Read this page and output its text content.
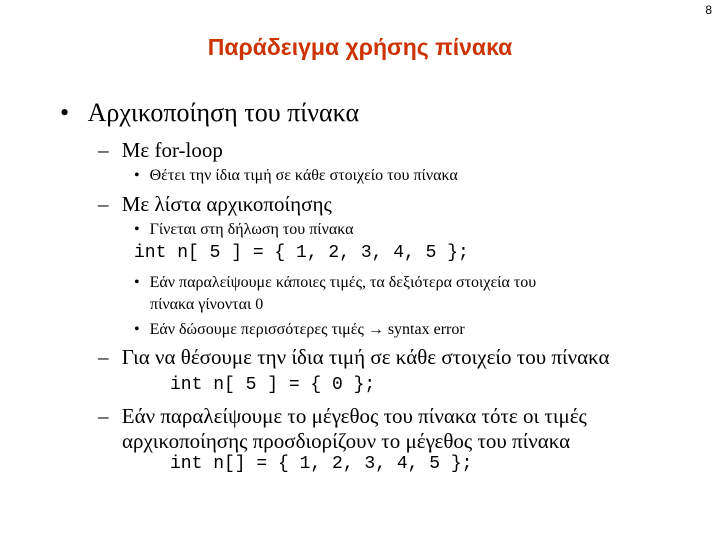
8
Παράδειγμα χρήσης πίνακα
• Αρχικοποίηση του πίνακα
– Με for-loop
• Θέτει την ίδια τιμή σε κάθε στοιχείο του πίνακα
– Με λίστα αρχικοποίησης
• Γίνεται στη δήλωση του πίνακα
int n[ 5 ] = { 1, 2, 3, 4, 5 };
• Εάν παραλείψουμε κάποιες τιμές, τα δεξιότερα στοιχεία του
πίνακα γίνονται 0
• Εάν δώσουμε περισσότερες τιμές → syntax error
– Για να θέσουμε την ίδια τιμή σε κάθε στοιχείο του πίνακα
int n[ 5 ] = { 0 };
– Εάν παραλείψουμε το μέγεθος του πίνακα τότε οι τιμές
αρχικοποίησης προσδιορίζουν το μέγεθος του πίνακα
int n[] = { 1, 2, 3, 4, 5 };
